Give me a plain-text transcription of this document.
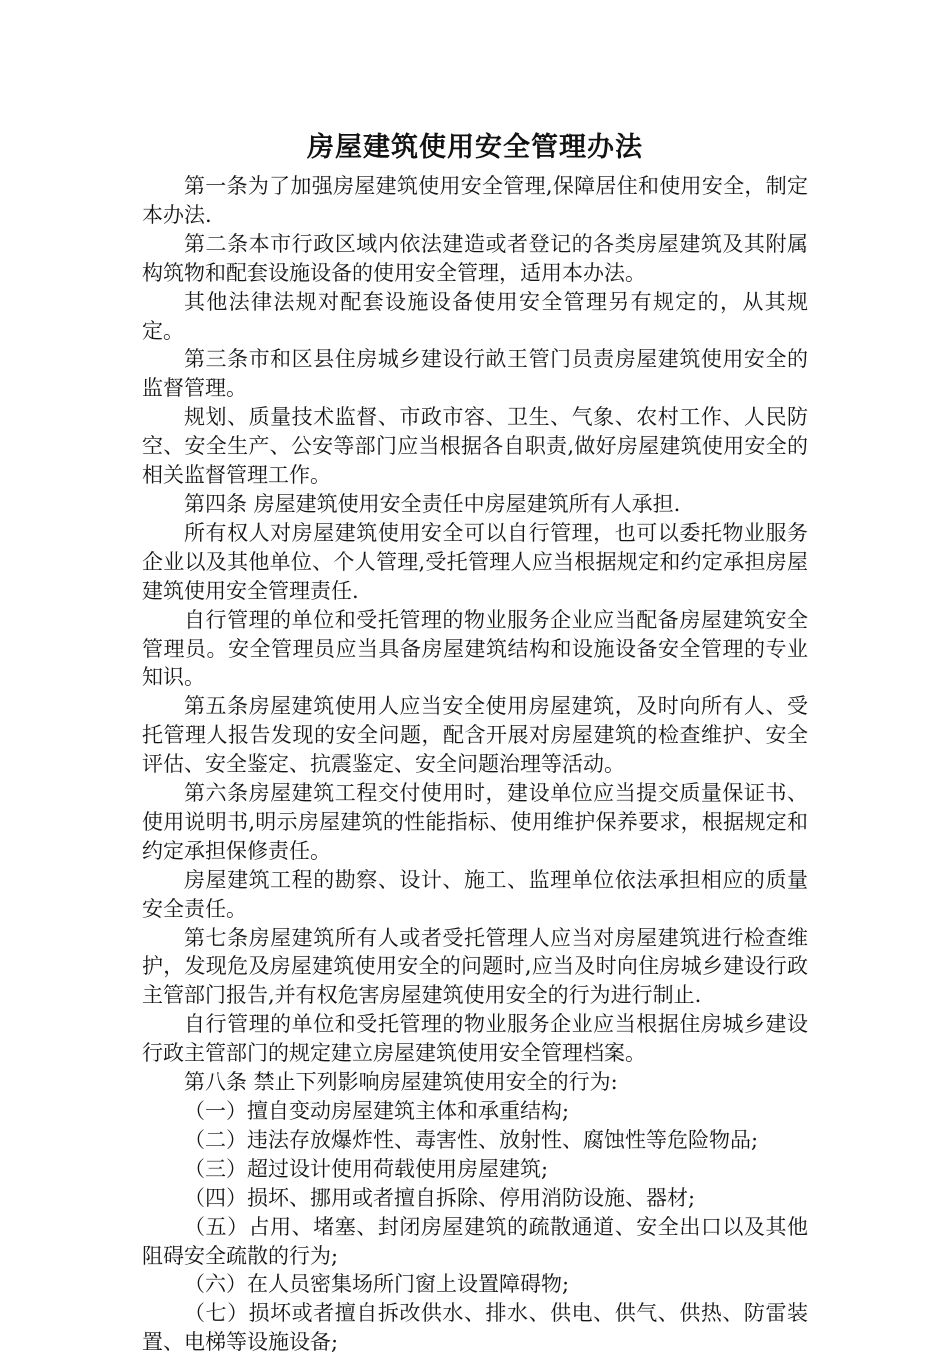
房屋建筑使用安全管理办法

第一条为了加强房屋建筑使用安全管理,保障居住和使用安全，制定本办法.

第二条本市行政区域内依法建造或者登记的各类房屋建筑及其附属构筑物和配套设施设备的使用安全管理，适用本办法。

其他法律法规对配套设施设备使用安全管理另有规定的，从其规定。

第三条市和区县住房城乡建设行畝王管门员责房屋建筑使用安全的监督管理。

规划、质量技术监督、市政市容、卫生、气象、农村工作、人民防空、安全生产、公安等部门应当根据各自职责,做好房屋建筑使用安全的相关监督管理工作。

第四条 房屋建筑使用安全责任中房屋建筑所有人承担.

所有权人对房屋建筑使用安全可以自行管理，也可以委托物业服务企业以及其他单位、个人管理,受托管理人应当根据规定和约定承担房屋建筑使用安全管理责任.

自行管理的单位和受托管理的物业服务企业应当配备房屋建筑安全管理员。安全管理员应当具备房屋建筑结构和设施设备安全管理的专业知识。

第五条房屋建筑使用人应当安全使用房屋建筑，及时向所有人、受托管理人报告发现的安全问题，配含开展对房屋建筑的检查维护、安全评估、安全鉴定、抗震鉴定、安全问题治理等活动。

第六条房屋建筑工程交付使用时，建设单位应当提交质量保证书、使用说明书,明示房屋建筑的性能指标、使用维护保养要求，根据规定和约定承担保修责任。

房屋建筑工程的勘察、设计、施工、监理单位依法承担相应的质量安全责任。

第七条房屋建筑所有人或者受托管理人应当对房屋建筑进行检查维护，发现危及房屋建筑使用安全的问题时,应当及时向住房城乡建设行政主管部门报告,并有权危害房屋建筑使用安全的行为进行制止.

自行管理的单位和受托管理的物业服务企业应当根据住房城乡建设行政主管部门的规定建立房屋建筑使用安全管理档案。

第八条 禁止下列影响房屋建筑使用安全的行为:

（一）擅自变动房屋建筑主体和承重结构;

（二）违法存放爆炸性、毒害性、放射性、腐蚀性等危险物品;

（三）超过设计使用荷载使用房屋建筑;

（四）损坏、挪用或者擅自拆除、停用消防设施、器材;

（五）占用、堵塞、封闭房屋建筑的疏散通道、安全出口以及其他阻碍安全疏散的行为;

（六）在人员密集场所门窗上设置障碍物;

（七）损坏或者擅自拆改供水、排水、供电、供气、供热、防雷装置、电梯等设施设备;
